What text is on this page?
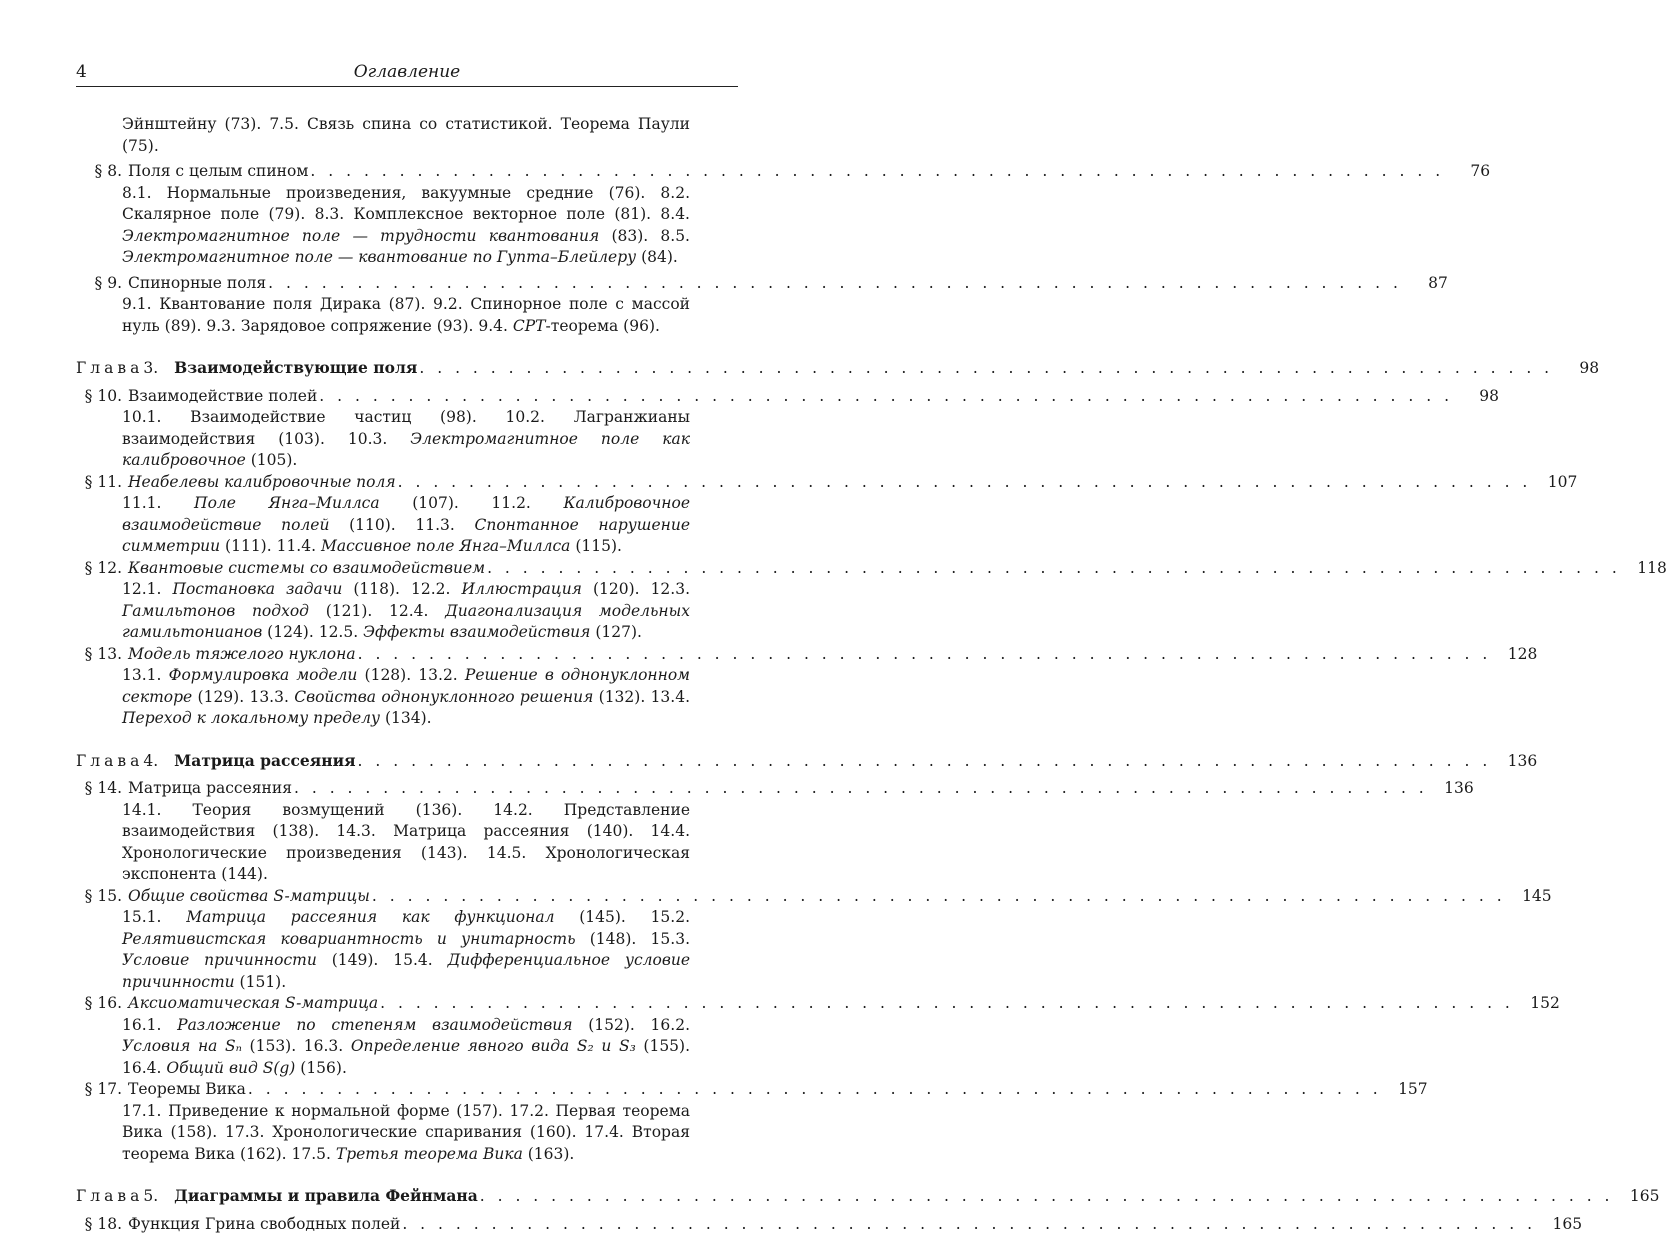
4	Оглавление
Эйнштейну (73). 7.5. Связь спина со статистикой. Теорема Паули (75).
§ 8. Поля с целым спином . . . . . . . . . . . . . . . . . . . . . . . . . . . . . . . . . . . . . . . . . . . . . . . . . . . . . . . . . . . . . . . .	76
8.1. Нормальные произведения, вакуумные средние (76). 8.2. Скалярное поле (79). 8.3. Комплексное векторное поле (81). 8.4. Электромагнитное поле — трудности квантования (83). 8.5. Электромагнитное поле — квантование по Гупта–Блейлеру (84).
§ 9. Спинорные поля . . . . . . . . . . . . . . . . . . . . . . . . . . . . . . . . . . . . . . . . . . . . . . . . . . . . . . . . . . . . . . . .	87
9.1. Квантование поля Дирака (87). 9.2. Спинорное поле с массой нуль (89). 9.3. Зарядовое сопряжение (93). 9.4. CPT-теорема (96).
Глава 3. Взаимодействующие поля . . . . . . . . . . . . . . . . . . . . . . . . . . . . . . . . . . . . . . . . . . . . . . . . . . . . . . . . . . . . . . . .	98
§ 10. Взаимодействие полей . . . . . . . . . . . . . . . . . . . . . . . . . . . . . . . . . . . . . . . . . . . . . . . . . . . . . . . . . . . . . . . .	98
10.1. Взаимодействие частиц (98). 10.2. Лагранжианы взаимодействия (103). 10.3. Электромагнитное поле как калибровочное (105).
§ 11. Неабелевы калибровочные поля . . . . . . . . . . . . . . . . . . . . . . . . . . . . . . . . . . . . . . . . . . . . . . . . . . . . . . . . . . . . . . . .	107
11.1. Поле Янга–Миллса (107). 11.2. Калибровочное взаимодействие полей (110). 11.3. Спонтанное нарушение симметрии (111). 11.4. Массивное поле Янга–Миллса (115).
§ 12. Квантовые системы со взаимодействием . . . . . . . . . . . . . . . . . . . . . . . . . . . . . . . . . . . . . . . . . . . . . . . . . . . . . . . . . . . . . . . .	118
12.1. Постановка задачи (118). 12.2. Иллюстрация (120). 12.3. Гамильтонов подход (121). 12.4. Диагонализация модельных гамильтонианов (124). 12.5. Эффекты взаимодействия (127).
§ 13. Модель тяжелого нуклона . . . . . . . . . . . . . . . . . . . . . . . . . . . . . . . . . . . . . . . . . . . . . . . . . . . . . . . . . . . . . . . .	128
13.1. Формулировка модели (128). 13.2. Решение в однонуклонном секторе (129). 13.3. Свойства однонуклонного решения (132). 13.4. Переход к локальному пределу (134).
Глава 4. Матрица рассеяния . . . . . . . . . . . . . . . . . . . . . . . . . . . . . . . . . . . . . . . . . . . . . . . . . . . . . . . . . . . . . . . .	136
§ 14. Матрица рассеяния . . . . . . . . . . . . . . . . . . . . . . . . . . . . . . . . . . . . . . . . . . . . . . . . . . . . . . . . . . . . . . . .	136
14.1. Теория возмущений (136). 14.2. Представление взаимодействия (138). 14.3. Матрица рассеяния (140). 14.4. Хронологические произведения (143). 14.5. Хронологическая экспонента (144).
§ 15. Общие свойства S-матрицы . . . . . . . . . . . . . . . . . . . . . . . . . . . . . . . . . . . . . . . . . . . . . . . . . . . . . . . . . . . . . . . .	145
15.1. Матрица рассеяния как функционал (145). 15.2. Релятивистская ковариантность и унитарность (148). 15.3. Условие причинности (149). 15.4. Дифференциальное условие причинности (151).
§ 16. Аксиоматическая S-матрица . . . . . . . . . . . . . . . . . . . . . . . . . . . . . . . . . . . . . . . . . . . . . . . . . . . . . . . . . . . . . . . .	152
16.1. Разложение по степеням взаимодействия (152). 16.2. Условия на Sₙ (153). 16.3. Определение явного вида S₂ и S₃ (155). 16.4. Общий вид S(g) (156).
§ 17. Теоремы Вика . . . . . . . . . . . . . . . . . . . . . . . . . . . . . . . . . . . . . . . . . . . . . . . . . . . . . . . . . . . . . . . .	157
17.1. Приведение к нормальной форме (157). 17.2. Первая теорема Вика (158). 17.3. Хронологические спаривания (160). 17.4. Вторая теорема Вика (162). 17.5. Третья теорема Вика (163).
Глава 5. Диаграммы и правила Фейнмана . . . . . . . . . . . . . . . . . . . . . . . . . . . . . . . . . . . . . . . . . . . . . . . . . . . . . . . . . . . . . . . .	165
§ 18. Функция Грина свободных полей . . . . . . . . . . . . . . . . . . . . . . . . . . . . . . . . . . . . . . . . . . . . . . . . . . . . . . . . . . . . . . . .	165
